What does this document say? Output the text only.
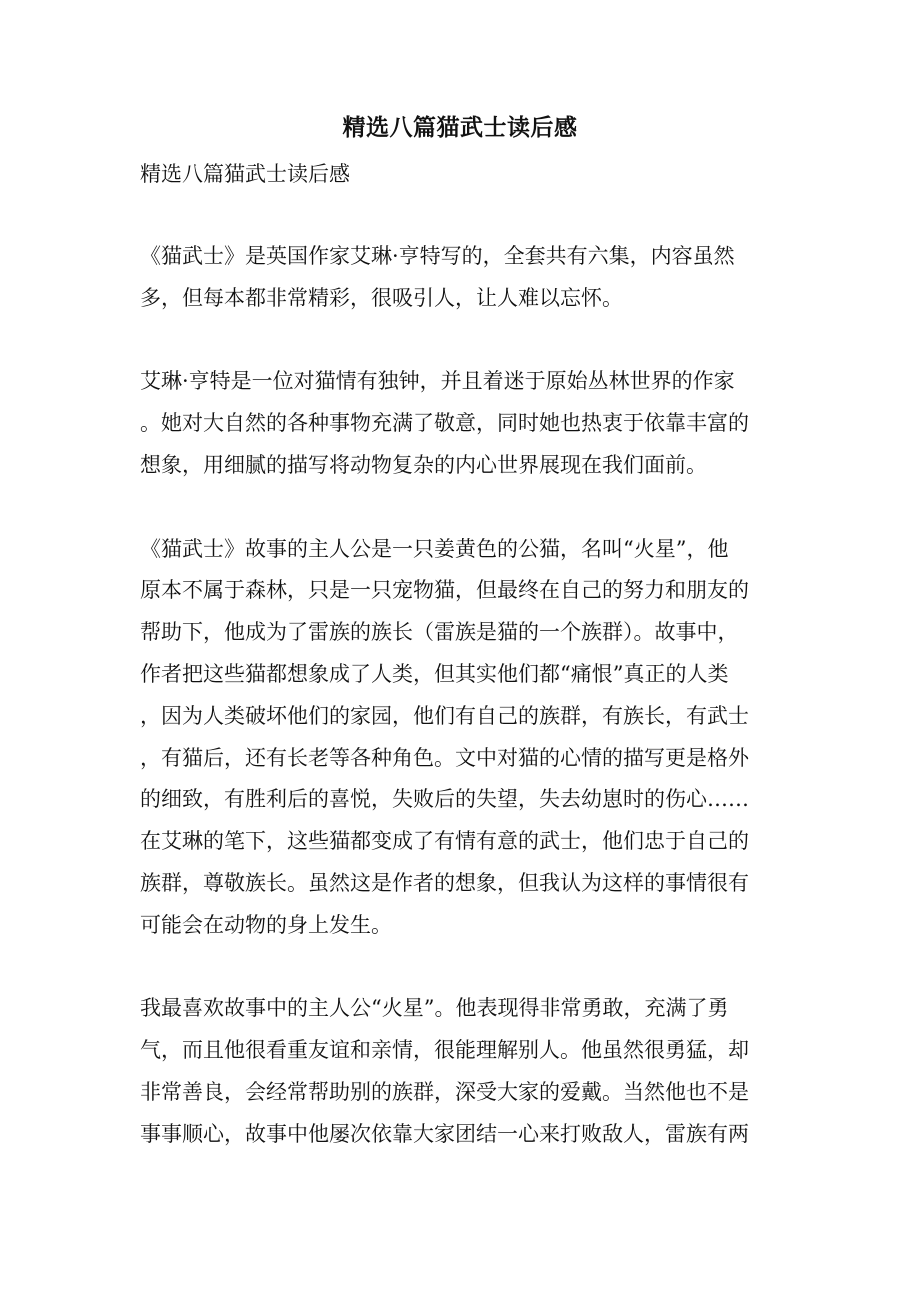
精选八篇猫武士读后感
精选八篇猫武士读后感
《猫武士》是英国作家艾琳·亨特写的，全套共有六集，内容虽然
多，但每本都非常精彩，很吸引人，让人难以忘怀。
艾琳·亨特是一位对猫情有独钟，并且着迷于原始丛林世界的作家
。她对大自然的各种事物充满了敬意，同时她也热衷于依靠丰富的
想象，用细腻的描写将动物复杂的内心世界展现在我们面前。
《猫武士》故事的主人公是一只姜黄色的公猫，名叫“火星”，他
原本不属于森林，只是一只宠物猫，但最终在自己的努力和朋友的
帮助下，他成为了雷族的族长（雷族是猫的一个族群）。故事中，
作者把这些猫都想象成了人类，但其实他们都“痛恨”真正的人类
，因为人类破坏他们的家园，他们有自己的族群，有族长，有武士
，有猫后，还有长老等各种角色。文中对猫的心情的描写更是格外
的细致，有胜利后的喜悦，失败后的失望，失去幼崽时的伤心……
在艾琳的笔下，这些猫都变成了有情有意的武士，他们忠于自己的
族群，尊敬族长。虽然这是作者的想象，但我认为这样的事情很有
可能会在动物的身上发生。
我最喜欢故事中的主人公“火星”。他表现得非常勇敢，充满了勇
气，而且他很看重友谊和亲情，很能理解别人。他虽然很勇猛，却
非常善良，会经常帮助别的族群，深受大家的爱戴。当然他也不是
事事顺心，故事中他屡次依靠大家团结一心来打败敌人，雷族有两
